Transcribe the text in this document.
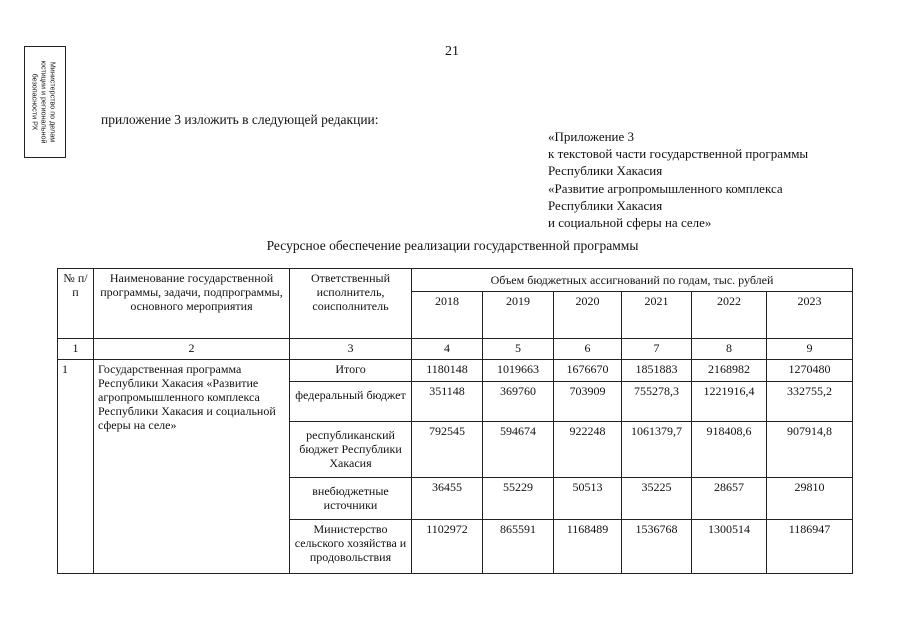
Министерство по делам
юстиции и региональной
безопасности РХ
21
приложение 3 изложить в следующей редакции:
«Приложение 3
к текстовой части государственной программы
Республики Хакасия
«Развитие агропромышленного комплекса
Республики Хакасия
и социальной сферы на селе»
Ресурсное обеспечение реализации государственной программы
№ п/п	Наименование государственной программы, задачи, подпрограммы, основного мероприятия	Ответственный исполнитель, соисполнитель	Объем бюджетных ассигнований по годам, тыс. рублей					
			2018	2019	2020	2021	2022	2023
1	2	3	4	5	6	7	8	9
1	Государственная программа Республики Хакасия «Развитие агропромышленного комплекса Республики Хакасия и социальной сферы на селе»	Итого	1180148	1019663	1676670	1851883	2168982	1270480
		федеральный бюджет	351148	369760	703909	755278,3	1221916,4	332755,2
		республиканский бюджет Республики Хакасия	792545	594674	922248	1061379,7	918408,6	907914,8
		внебюджетные источники	36455	55229	50513	35225	28657	29810
		Министерство сельского хозяйства и продовольствия	1102972	865591	1168489	1536768	1300514	1186947
